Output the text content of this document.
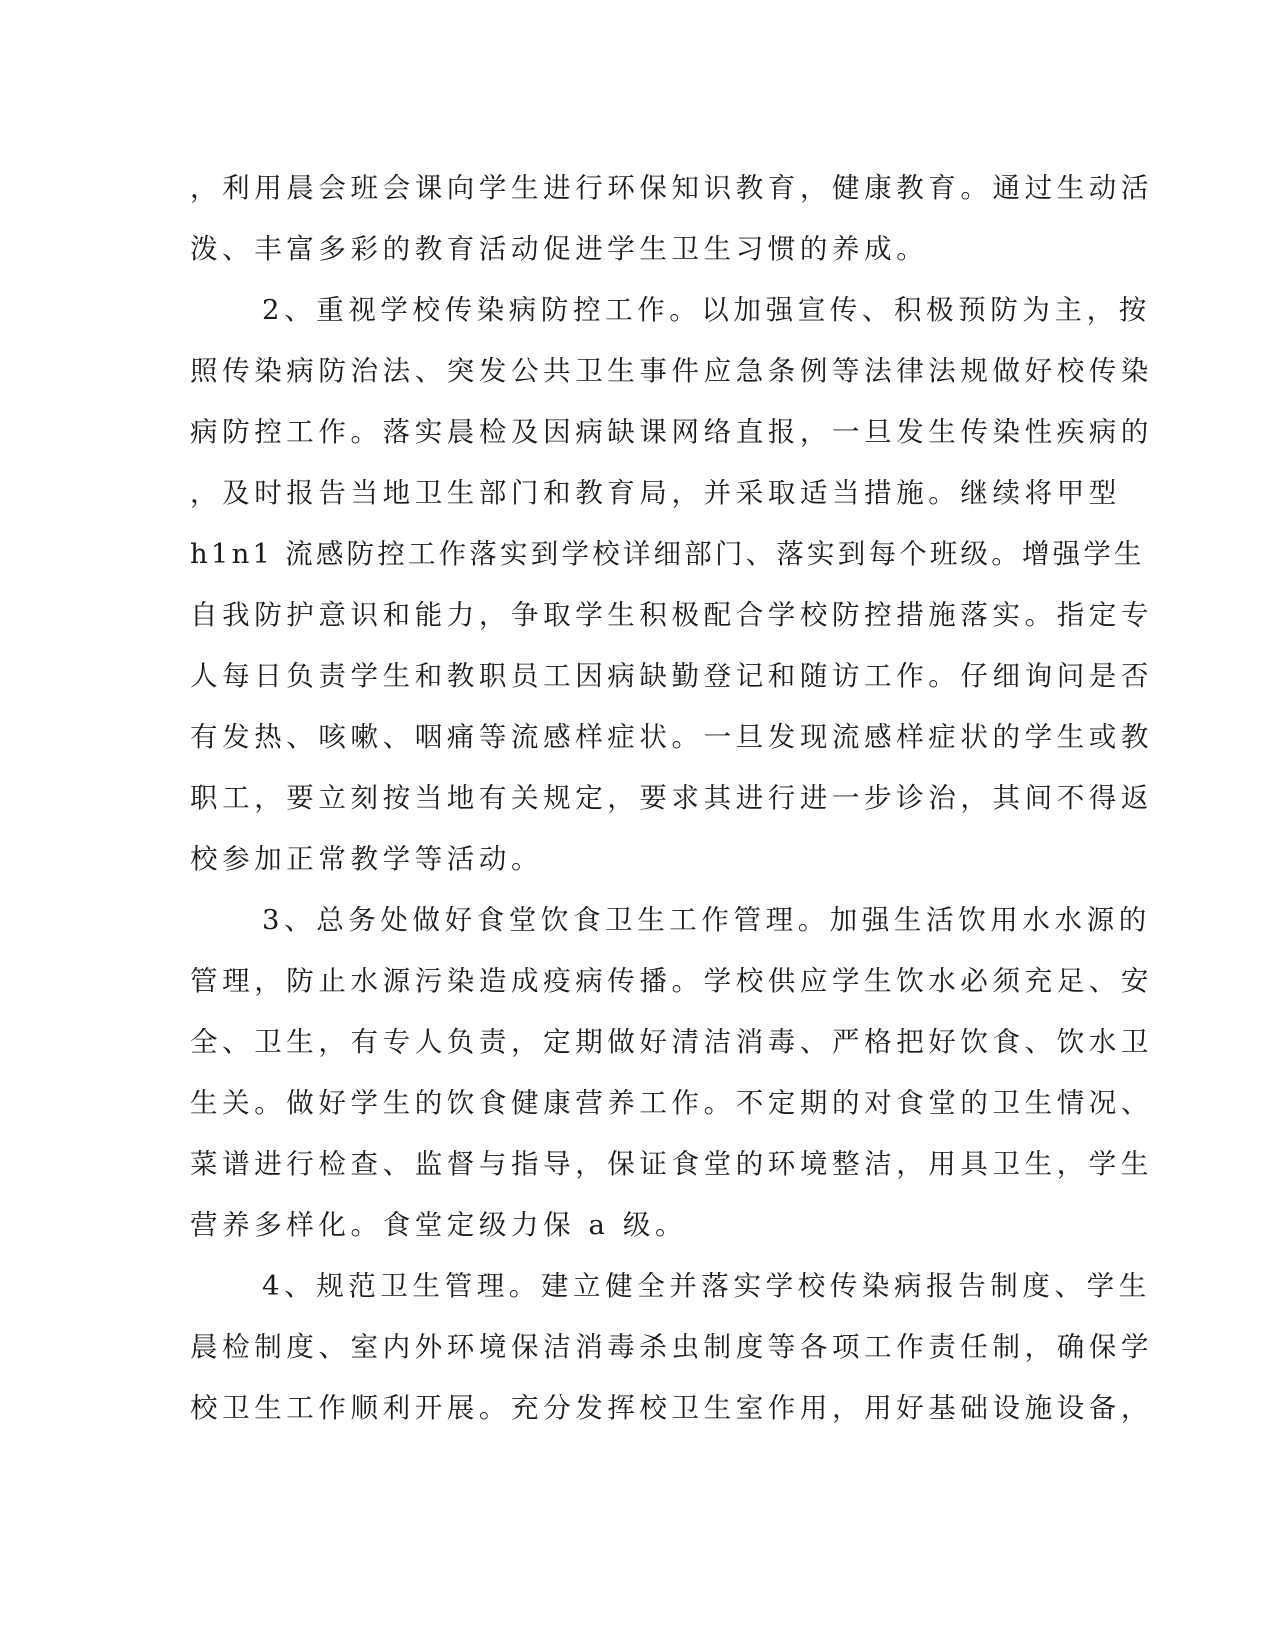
，利用晨会班会课向学生进行环保知识教育，健康教育。通过生动活
泼、丰富多彩的教育活动促进学生卫生习惯的养成。
2、重视学校传染病防控工作。以加强宣传、积极预防为主，按
照传染病防治法、突发公共卫生事件应急条例等法律法规做好校传染
病防控工作。落实晨检及因病缺课网络直报，一旦发生传染性疾病的
，及时报告当地卫生部门和教育局，并采取适当措施。继续将甲型
h1n1 流感防控工作落实到学校详细部门、落实到每个班级。增强学生
自我防护意识和能力，争取学生积极配合学校防控措施落实。指定专
人每日负责学生和教职员工因病缺勤登记和随访工作。仔细询问是否
有发热、咳嗽、咽痛等流感样症状。一旦发现流感样症状的学生或教
职工，要立刻按当地有关规定，要求其进行进一步诊治，其间不得返
校参加正常教学等活动。
3、总务处做好食堂饮食卫生工作管理。加强生活饮用水水源的
管理，防止水源污染造成疫病传播。学校供应学生饮水必须充足、安
全、卫生，有专人负责，定期做好清洁消毒、严格把好饮食、饮水卫
生关。做好学生的饮食健康营养工作。不定期的对食堂的卫生情况、
菜谱进行检查、监督与指导，保证食堂的环境整洁，用具卫生，学生
营养多样化。食堂定级力保 a 级。
4、规范卫生管理。建立健全并落实学校传染病报告制度、学生
晨检制度、室内外环境保洁消毒杀虫制度等各项工作责任制，确保学
校卫生工作顺利开展。充分发挥校卫生室作用，用好基础设施设备，
